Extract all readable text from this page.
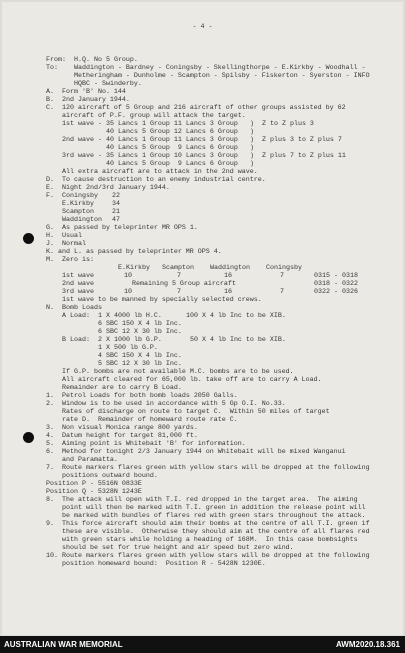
- 4 -
From: H.Q. No 5 Group.
To: Waddington - Bardney - Coningsby - Skellingthorpe - E.Kirkby - Woodhall -
Metheringham - Dunholme - Scampton - Spilsby - Fiskerton - Syerston - INFO
HQBC - Swinderby.
A. Form 'B' No. 144
B. 2nd January 1944.
C. 120 aircraft of 5 Group and 216 aircraft of other groups assisted by 62
aircraft of P.F. group will attack the target.
1st wave - 35 Lancs 1 Group 11 Lancs 3 Group ) Z to Z plus 3
40 Lancs 5 Group 12 Lancs 6 Group )
2nd wave - 40 Lancs 1 Group 11 Lancs 3 Group ) Z plus 3 to Z plus 7
40 Lancs 5 Group  9 Lancs 6 Group )
3rd wave - 35 Lancs 1 Group 10 Lancs 3 Group ) Z plus 7 to Z plus 11
40 Lancs 5 Group  9 Lancs 6 Group )
All extra aircraft are to attack in the 2nd wave.
D. To cause destruction to an enemy industrial centre.
E. Night 2nd/3rd January 1944.
F. Coningsby 22
E.Kirkby	34
Scampton	21
Waddington 47
G. As passed by teleprinter MR OPS 1.
H. Usual
J. Normal
K. and L. as passed by teleprinter MR OPS 4.
M. Zero is:
E.Kirkby Scampton Waddington Coningsby
1st wave	10	7	16	7	0315 - 0318
2nd wave	Remaining 5 Group aircraft	0318 - 0322
3rd wave	10	7	16	7	0322 - 0326
1st wave to be manned by specially selected crews.
N. Bomb Loads
A Load: 1 X 4000 lb H.C.	100 X 4 lb Inc to be XIB.
6 SBC 150 X 4 lb Inc.
6 SBC 12 X 30 lb Inc.
B Load: 2 X 1000 lb G.P.	50 X 4 lb Inc to be XIB.
1 X 500 lb G.P.
4 SBC 150 X 4 lb Inc.
5 SBC 12 X 30 lb Inc.
If G.P. bombs are not available M.C. bombs are to be used.
All aircraft cleared for 65,000 lb. take off are to carry A Load.
Remainder are to carry B Load.
1. Petrol Loads for both bomb loads 2050 Galls.
2. Window is to be used in accordance with 5 Gp O.I. No.33.
Rates of discharge on route to target C.  Within 50 miles of target
rate D.  Remainder of homeward route rate C.
3. Non visual Monica range 800 yards.
4. Datum height for target 81,000 ft.
5. Aiming point is Whitebait 'B' for information.
6. Method for tonight 2/3 January 1944 on Whitebait will be mixed Wanganui
and Paramatta.
7. Route markers flares green with yellow stars will be dropped at the following
positions outward bound.
Position P - 5516N 0833E
Position Q - 5328N 1243E
8. The attack will open with T.I. red dropped in the target area.  The aiming
point will then be marked with T.I. green in addition the release point will
be marked with bundles of flares red with green stars throughout the attack.
9. This force aircraft should aim their bombs at the centre of all T.I. green if
these are visible.  Otherwise they should aim at the centre of all flares red
with green stars while holding a heading of 168M.  In this case bombsights
should be set for true height and air speed but zero wind.
10. Route markers flares green with yellow stars will be dropped at the following
position homeward bound:  Position R - 5428N 1230E.
AUSTRALIAN WAR MEMORIAL	AWM2020.18.361
